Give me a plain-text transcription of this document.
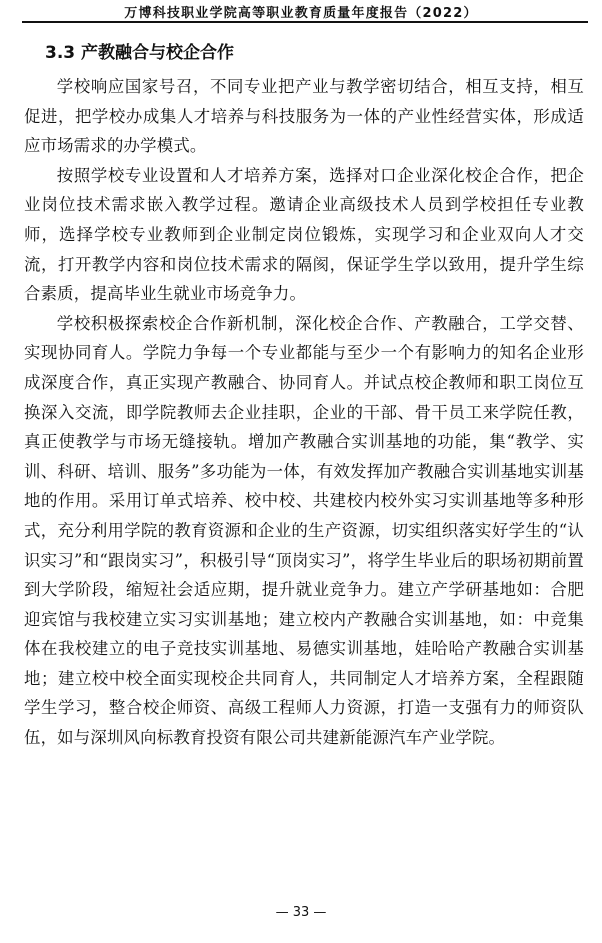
万博科技职业学院高等职业教育质量年度报告（2022）
3.3 产教融合与校企合作

学校响应国家号召，不同专业把产业与教学密切结合，相互支持，相互促进，把学校办成集人才培养与科技服务为一体的产业性经营实体，形成适应市场需求的办学模式。

按照学校专业设置和人才培养方案，选择对口企业深化校企合作，把企业岗位技术需求嵌入教学过程。邀请企业高级技术人员到学校担任专业教师，选择学校专业教师到企业制定岗位锻炼，实现学习和企业双向人才交流，打开教学内容和岗位技术需求的隔阂，保证学生学以致用，提升学生综合素质，提高毕业生就业市场竞争力。

学校积极探索校企合作新机制，深化校企合作、产教融合，工学交替、实现协同育人。学院力争每一个专业都能与至少一个有影响力的知名企业形成深度合作，真正实现产教融合、协同育人。并试点校企教师和职工岗位互换深入交流，即学院教师去企业挂职，企业的干部、骨干员工来学院任教，真正使教学与市场无缝接轨。增加产教融合实训基地的功能，集“教学、实训、科研、培训、服务”多功能为一体，有效发挥加产教融合实训基地实训基地的作用。采用订单式培养、校中校、共建校内校外实习实训基地等多种形式，充分利用学院的教育资源和企业的生产资源，切实组织落实好学生的“认识实习”和“跟岗实习”，积极引导“顶岗实习”，将学生毕业后的职场初期前置到大学阶段，缩短社会适应期，提升就业竞争力。建立产学研基地如：合肥迎宾馆与我校建立实习实训基地；建立校内产教融合实训基地，如：中竞集体在我校建立的电子竞技实训基地、易德实训基地，娃哈哈产教融合实训基地；建立校中校全面实现校企共同育人，共同制定人才培养方案，全程跟随学生学习，整合校企师资、高级工程师人力资源，打造一支强有力的师资队伍，如与深圳风向标教育投资有限公司共建新能源汽车产业学院。

— 33 —
